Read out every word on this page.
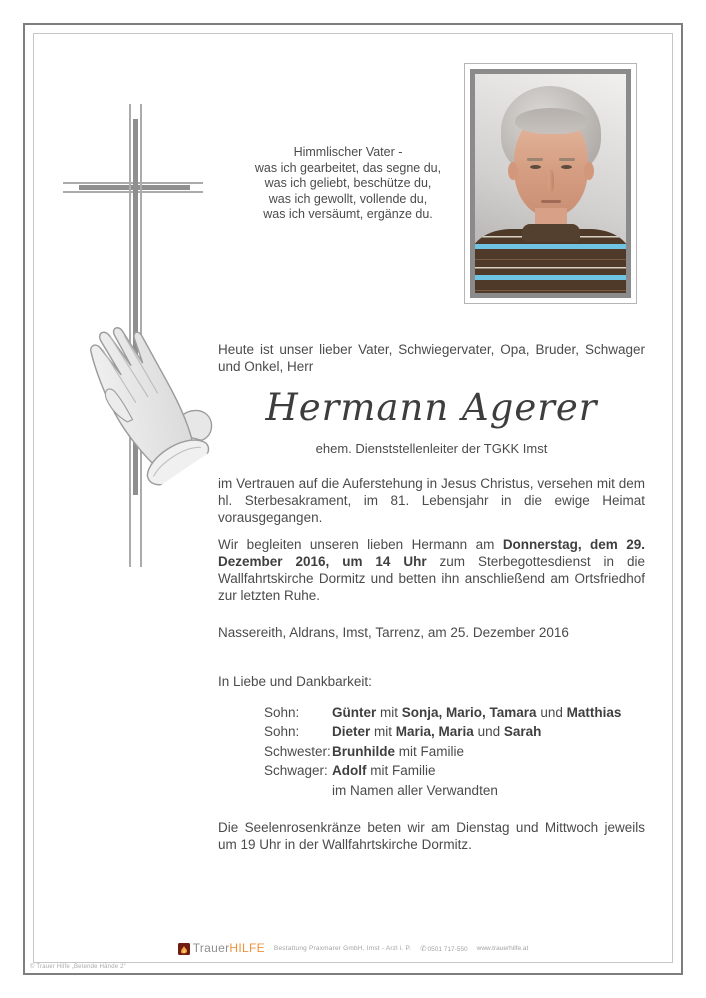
Himmlischer Vater -
was ich gearbeitet, das segne du,
was ich geliebt, beschütze du,
was ich gewollt, vollende du,
was ich versäumt, ergänze du.
Heute ist unser lieber Vater, Schwiegervater, Opa, Bruder, Schwager und Onkel, Herr
Hermann Agerer
ehem. Dienststellenleiter der TGKK Imst
im Vertrauen auf die Auferstehung in Jesus Christus, versehen mit dem hl. Sterbesakrament, im 81. Lebensjahr in die ewige Heimat vorausgegangen.
Wir begleiten unseren lieben Hermann am Donnerstag, dem 29. Dezember 2016, um 14 Uhr zum Sterbegottesdienst in die Wallfahrtskirche Dormitz und betten ihn anschließend am Ortsfriedhof zur letzten Ruhe.
Nassereith, Aldrans, Imst, Tarrenz, am 25. Dezember 2016
In Liebe und Dankbarkeit:
Sohn: Günter mit Sonja, Mario, Tamara und Matthias
Sohn: Dieter mit Maria, Maria und Sarah
Schwester:Brunhilde mit Familie
Schwager: Adolf mit Familie
im Namen aller Verwandten
Die Seelenrosenkränze beten wir am Dienstag und Mittwoch jeweils um 19 Uhr in der Wallfahrtskirche Dormitz.
Trauer HILFE Bestattung Praxmarer GmbH, Imst - Arzl i. P. ✆0501 717-550 www.trauerhilfe.at
© Trauer Hilfe „Betende Hände 2“
